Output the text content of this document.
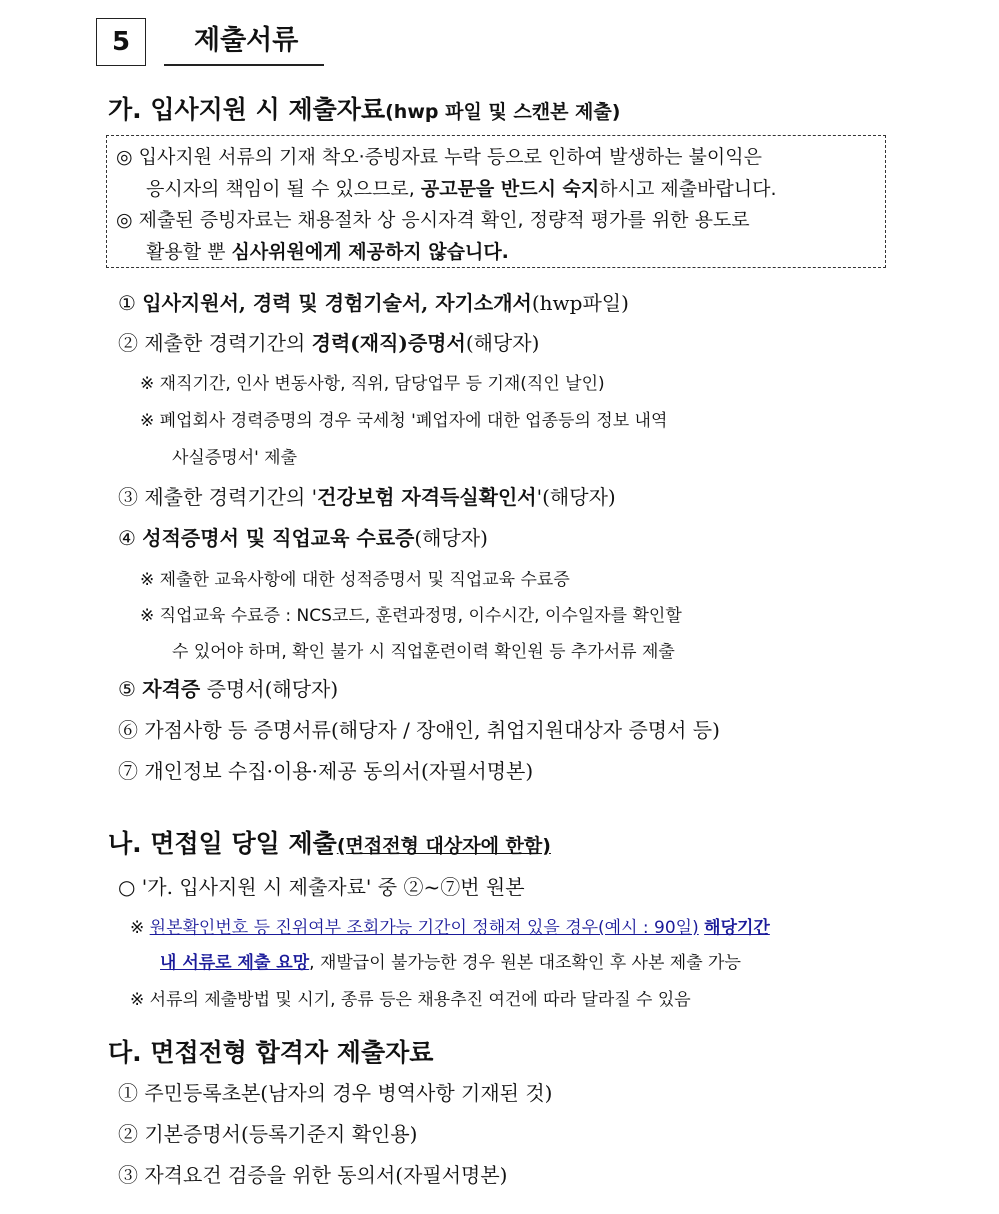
5	제출서류
가. 입사지원 시 제출자료(hwp 파일 및 스캔본 제출)
◎ 입사지원 서류의 기재 착오·증빙자료 누락 등으로 인하여 발생하는 불이익은
응시자의 책임이 될 수 있으므로, 공고문을 반드시 숙지하시고 제출바랍니다.
◎ 제출된 증빙자료는 채용절차 상 응시자격 확인, 정량적 평가를 위한 용도로
활용할 뿐 심사위원에게 제공하지 않습니다.
① 입사지원서, 경력 및 경험기술서, 자기소개서(hwp파일)
② 제출한 경력기간의 경력(재직)증명서(해당자)
※ 재직기간, 인사 변동사항, 직위, 담당업무 등 기재(직인 날인)
※ 폐업회사 경력증명의 경우 국세청 '폐업자에 대한 업종등의 정보 내역
사실증명서' 제출
③ 제출한 경력기간의 '건강보험 자격득실확인서'(해당자)
④ 성적증명서 및 직업교육 수료증(해당자)
※ 제출한 교육사항에 대한 성적증명서 및 직업교육 수료증
※ 직업교육 수료증 : NCS코드, 훈련과정명, 이수시간, 이수일자를 확인할
수 있어야 하며, 확인 불가 시 직업훈련이력 확인원 등 추가서류 제출
⑤ 자격증 증명서(해당자)
⑥ 가점사항 등 증명서류(해당자 / 장애인, 취업지원대상자 증명서 등)
⑦ 개인정보 수집·이용·제공 동의서(자필서명본)
나. 면접일 당일 제출(면접전형 대상자에 한함)
○ '가. 입사지원 시 제출자료' 중 ②~⑦번 원본
※ 원본확인번호 등 진위여부 조회가능 기간이 정해져 있을 경우(예시 : 90일) 해당기간
내 서류로 제출 요망, 재발급이 불가능한 경우 원본 대조확인 후 사본 제출 가능
※ 서류의 제출방법 및 시기, 종류 등은 채용추진 여건에 따라 달라질 수 있음
다. 면접전형 합격자 제출자료
① 주민등록초본(남자의 경우 병역사항 기재된 것)
② 기본증명서(등록기준지 확인용)
③ 자격요건 검증을 위한 동의서(자필서명본)
